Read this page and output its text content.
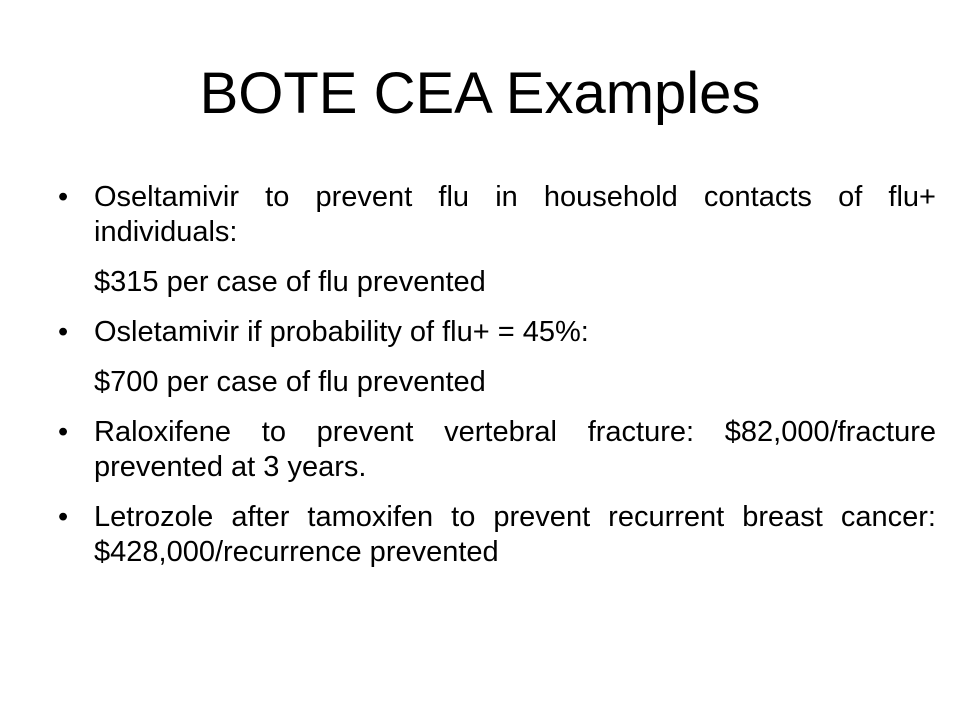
BOTE CEA Examples
• Oseltamivir to prevent flu in household contacts of flu+ individuals:
$315 per case of flu prevented
• Osletamivir if probability of flu+ = 45%:
$700 per case of flu prevented
• Raloxifene to prevent vertebral fracture: $82,000/fracture prevented at 3 years.
• Letrozole after tamoxifen to prevent recurrent breast cancer: $428,000/recurrence prevented
